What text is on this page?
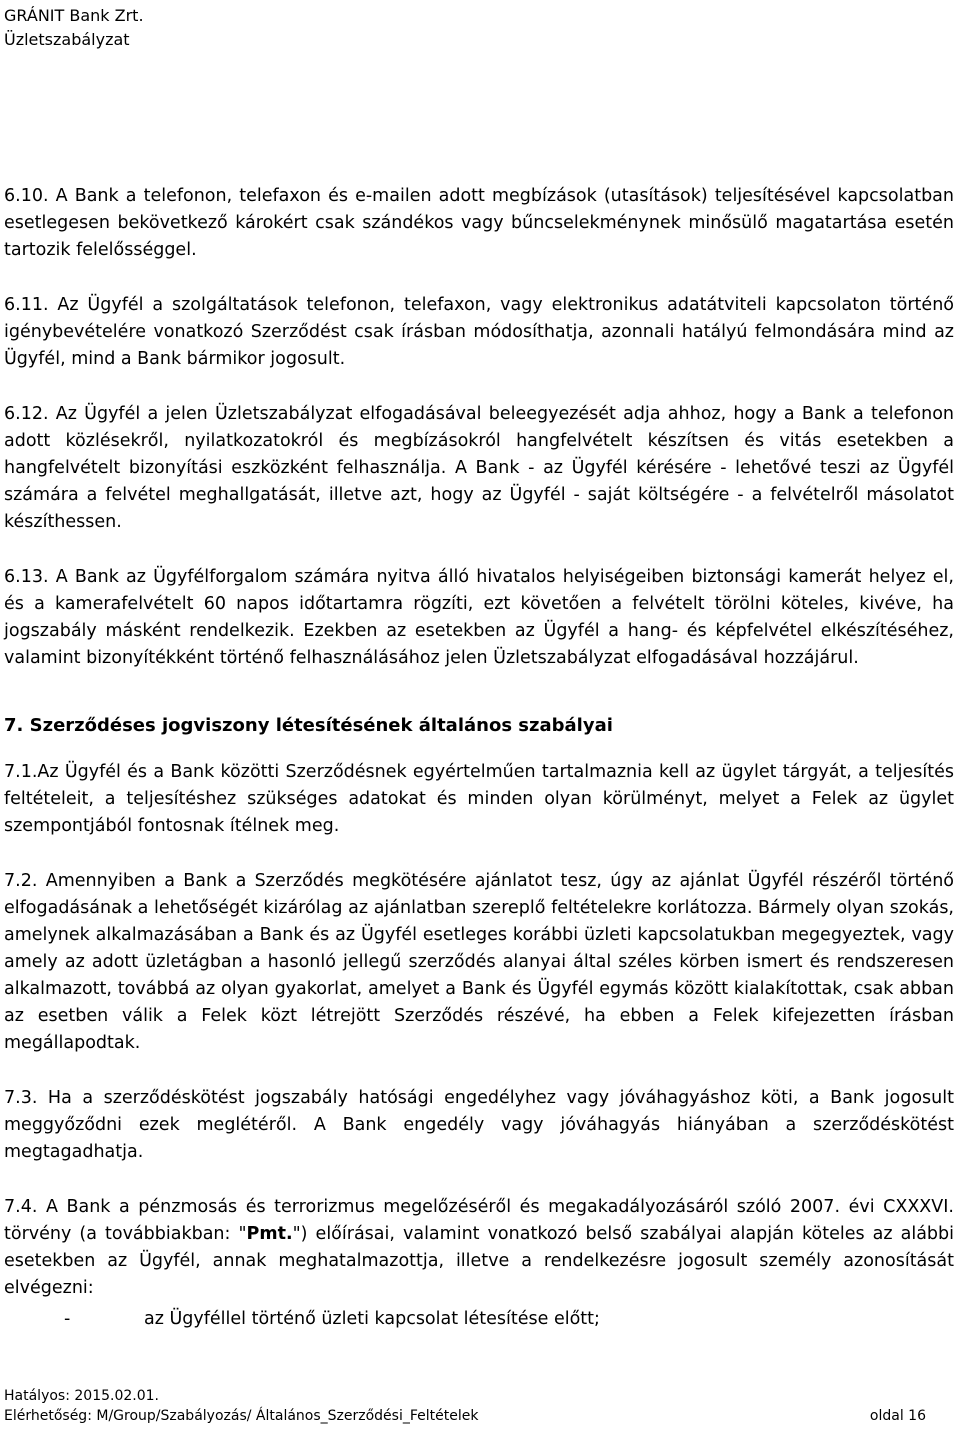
GRÁNIT Bank Zrt.
Üzletszabályzat

6.10. A Bank a telefonon, telefaxon és e-mailen adott megbízások (utasítások) teljesítésével kapcsolatban esetlegesen bekövetkező károkért csak szándékos vagy bűncselekménynek minősülő magatartása esetén tartozik felelősséggel.

6.11. Az Ügyfél a szolgáltatások telefonon, telefaxon, vagy elektronikus adatátviteli kapcsolaton történő igénybevételére vonatkozó Szerződést csak írásban módosíthatja, azonnali hatályú felmondására mind az Ügyfél, mind a Bank bármikor jogosult.

6.12. Az Ügyfél a jelen Üzletszabályzat elfogadásával beleegyezését adja ahhoz, hogy a Bank a telefonon adott közlésekről, nyilatkozatokról és megbízásokról hangfelvételt készítsen és vitás esetekben a hangfelvételt bizonyítási eszközként felhasználja. A Bank - az Ügyfél kérésére - lehetővé teszi az Ügyfél számára a felvétel meghallgatását, illetve azt, hogy az Ügyfél - saját költségére - a felvételről másolatot készíthessen.

6.13. A Bank az Ügyfélforgalom számára nyitva álló hivatalos helyiségeiben biztonsági kamerát helyez el, és a kamerafelvételt 60 napos időtartamra rögzíti, ezt követően a felvételt törölni köteles, kivéve, ha jogszabály másként rendelkezik. Ezekben az esetekben az Ügyfél a hang- és képfelvétel elkészítéséhez, valamint bizonyítékként történő felhasználásához jelen Üzletszabályzat elfogadásával hozzájárul.

7. Szerződéses jogviszony létesítésének általános szabályai

7.1.Az Ügyfél és a Bank közötti Szerződésnek egyértelműen tartalmaznia kell az ügylet tárgyát, a teljesítés feltételeit, a teljesítéshez szükséges adatokat és minden olyan körülményt, melyet a Felek az ügylet szempontjából fontosnak ítélnek meg.

7.2. Amennyiben a Bank a Szerződés megkötésére ajánlatot tesz, úgy az ajánlat Ügyfél részéről történő elfogadásának a lehetőségét kizárólag az ajánlatban szereplő feltételekre korlátozza. Bármely olyan szokás, amelynek alkalmazásában a Bank és az Ügyfél esetleges korábbi üzleti kapcsolatukban megegyeztek, vagy amely az adott üzletágban a hasonló jellegű szerződés alanyai által széles körben ismert és rendszeresen alkalmazott, továbbá az olyan gyakorlat, amelyet a Bank és Ügyfél egymás között kialakítottak, csak abban az esetben válik a Felek közt létrejött Szerződés részévé, ha ebben a Felek kifejezetten írásban megállapodtak.

7.3. Ha a szerződéskötést jogszabály hatósági engedélyhez vagy jóváhagyáshoz köti, a Bank jogosult meggyőződni ezek meglétéről. A Bank engedély vagy jóváhagyás hiányában a szerződéskötést megtagadhatja.

7.4. A Bank a pénzmosás és terrorizmus megelőzéséről és megakadályozásáról szóló 2007. évi CXXXVI. törvény (a továbbiakban: "Pmt.") előírásai, valamint vonatkozó belső szabályai alapján köteles az alábbi esetekben az Ügyfél, annak meghatalmazottja, illetve a rendelkezésre jogosult személy azonosítását elvégezni:

-	az Ügyféllel történő üzleti kapcsolat létesítése előtt;
Hatályos: 2015.02.01.
Elérhetőség: M/Group/Szabályozás/ Általános_Szerződési_Feltételek	oldal 16
